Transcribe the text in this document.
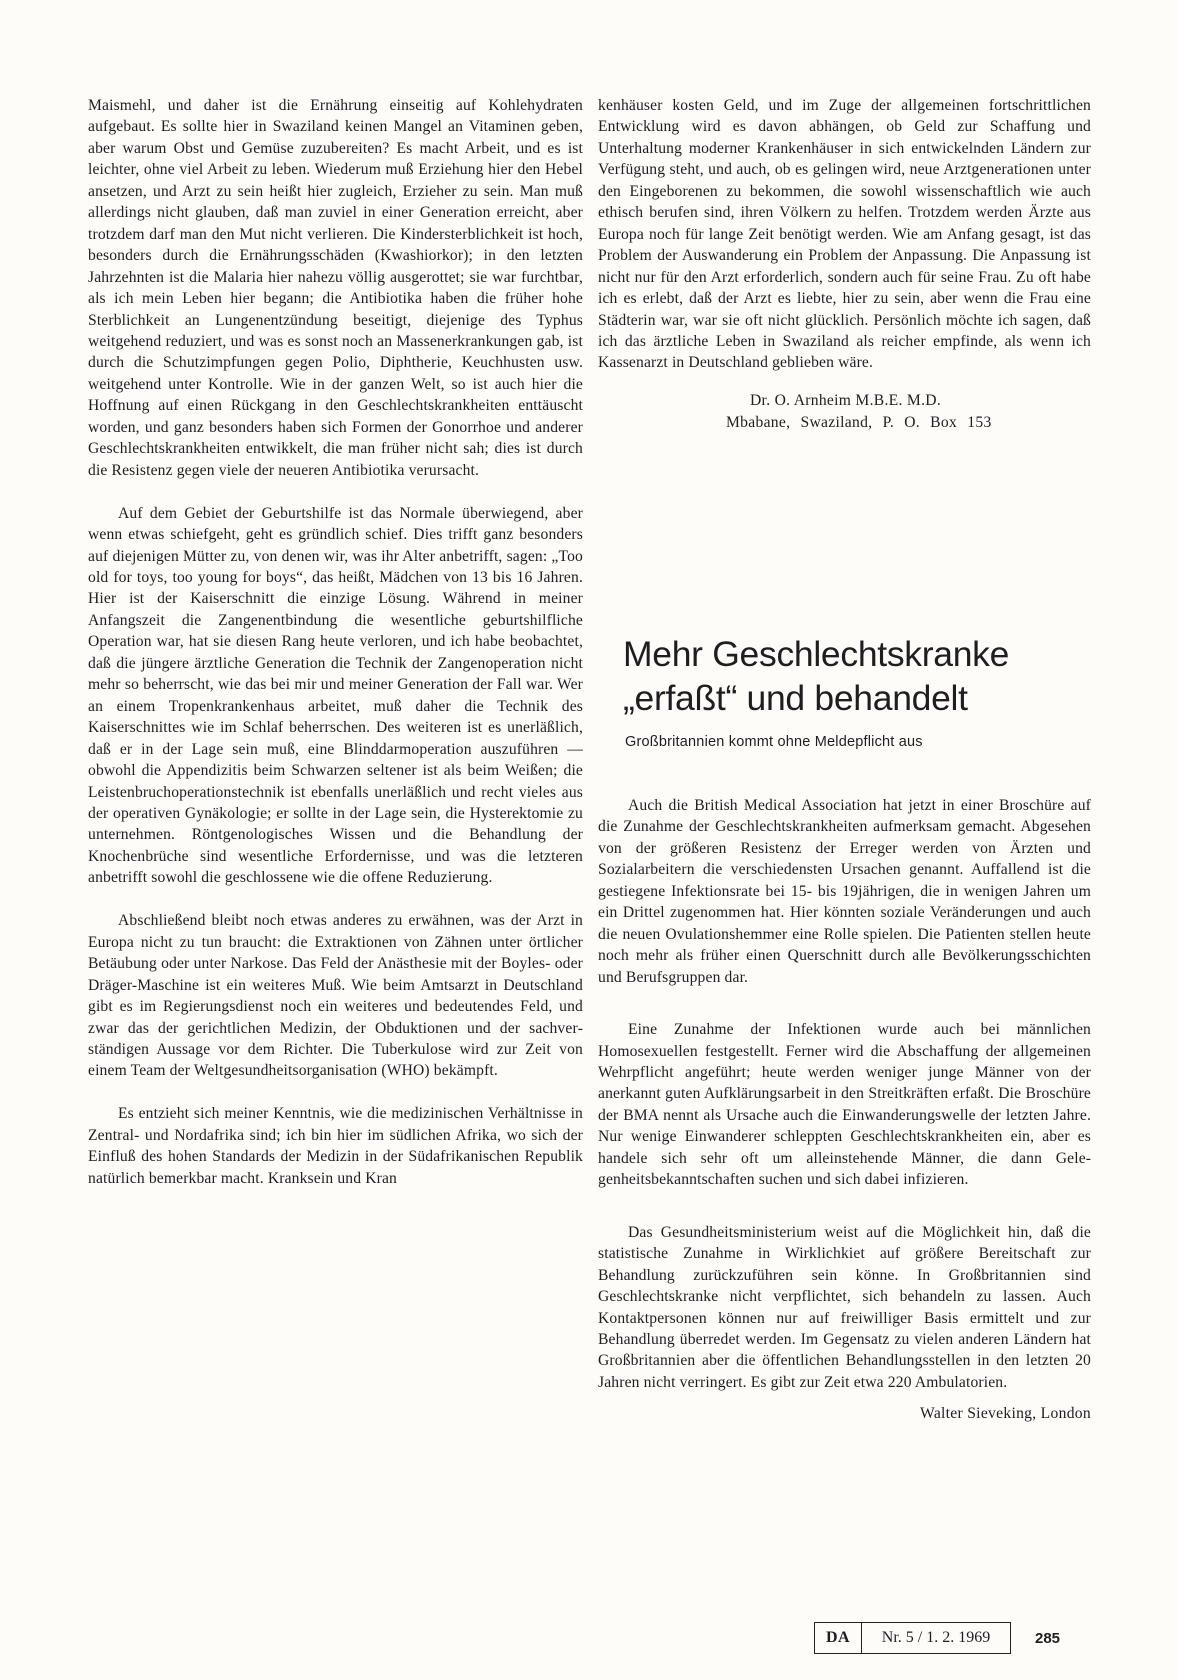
Maismehl, und daher ist die Ernährung einseitig auf Kohlehydraten aufgebaut. Es sollte hier in Swaziland keinen Mangel an Vitaminen geben, aber warum Obst und Gemüse zuzubereiten? Es macht Arbeit, und es ist leichter, ohne viel Arbeit zu leben. Wiederum muß Erziehung hier den Hebel ansetzen, und Arzt zu sein heißt hier zugleich, Erzieher zu sein. Man muß allerdings nicht glauben, daß man zuviel in einer Generation erreicht, aber trotzdem darf man den Mut nicht verlieren. Die Kindersterblichkeit ist hoch, besonders durch die Ernährungsschäden (Kwashiorkor); in den letzten Jahrzehnten ist die Malaria hier nahezu völlig ausgerottet; sie war furchtbar, als ich mein Leben hier begann; die Antibiotika haben die früher hohe Sterblichkeit an Lungenentzündung beseitigt, diejenige des Typhus weitgehend reduziert, und was es sonst noch an Massenerkrankungen gab, ist durch die Schutzimpfungen gegen Polio, Diphtherie, Keuchhusten usw. weitgehend unter Kontrolle. Wie in der ganzen Welt, so ist auch hier die Hoffnung auf einen Rückgang in den Geschlechtskrankheiten enttäuscht worden, und ganz besonders haben sich Formen der Gonorrhoe und anderer Geschlechtskrankheiten entwikkelt, die man früher nicht sah; dies ist durch die Resistenz gegen viele der neueren Antibiotika verursacht.

Auf dem Gebiet der Geburtshilfe ist das Normale überwiegend, aber wenn etwas schiefgeht, geht es gründlich schief. Dies trifft ganz besonders auf diejenigen Mütter zu, von denen wir, was ihr Alter anbetrifft, sagen: „Too old for toys, too young for boys“, das heißt, Mädchen von 13 bis 16 Jahren. Hier ist der Kaiserschnitt die einzige Lösung. Während in meiner Anfangszeit die Zangenentbindung die wesentliche geburtshilfliche Operation war, hat sie diesen Rang heute verloren, und ich habe beobachtet, daß die jüngere ärztliche Generation die Technik der Zangenoperation nicht mehr so beherrscht, wie das bei mir und meiner Generation der Fall war. Wer an einem Tropenkrankenhaus arbeitet, muß daher die Technik des Kaiserschnittes wie im Schlaf beherrschen. Des weiteren ist es unerläßlich, daß er in der Lage sein muß, eine Blinddarmoperation auszuführen — obwohl die Appendizitis beim Schwarzen seltener ist als beim Weißen; die Leistenbruchoperationstechnik ist ebenfalls unerläßlich und recht vieles aus der operativen Gynäkologie; er sollte in der Lage sein, die Hysterektomie zu unternehmen. Röntgenologisches Wissen und die Behandlung der Knochenbrüche sind wesentliche Erfordernisse, und was die letzteren anbetrifft sowohl die geschlossene wie die offene Reduzierung.

Abschließend bleibt noch etwas anderes zu erwähnen, was der Arzt in Europa nicht zu tun braucht: die Extraktionen von Zähnen unter örtlicher Betäubung oder unter Narkose. Das Feld der Anästhesie mit der Boyles- oder Dräger-Maschine ist ein weiteres Muß. Wie beim Amtsarzt in Deutschland gibt es im Regierungsdienst noch ein weiteres und bedeutendes Feld, und zwar das der gerichtlichen Medizin, der Obduktionen und der sachverständigen Aussage vor dem Richter. Die Tuberkulose wird zur Zeit von einem Team der Weltgesundheitsorganisation (WHO) bekämpft.

Es entzieht sich meiner Kenntnis, wie die medizinischen Verhältnisse in Zentral- und Nordafrika sind; ich bin hier im südlichen Afrika, wo sich der Einfluß des hohen Standards der Medizin in der Südafrikanischen Republik natürlich bemerkbar macht. Kranksein und Kran

kenhäuser kosten Geld, und im Zuge der allgemeinen fortschrittlichen Entwicklung wird es davon abhängen, ob Geld zur Schaffung und Unterhaltung moderner Krankenhäuser in sich entwickelnden Ländern zur Verfügung steht, und auch, ob es gelingen wird, neue Arztgenerationen unter den Eingeborenen zu bekommen, die sowohl wissenschaftlich wie auch ethisch berufen sind, ihren Völkern zu helfen. Trotzdem werden Ärzte aus Europa noch für lange Zeit benötigt werden. Wie am Anfang gesagt, ist das Problem der Auswanderung ein Problem der Anpassung. Die Anpassung ist nicht nur für den Arzt erforderlich, sondern auch für seine Frau. Zu oft habe ich es erlebt, daß der Arzt es liebte, hier zu sein, aber wenn die Frau eine Städterin war, war sie oft nicht glücklich. Persönlich möchte ich sagen, daß ich das ärztliche Leben in Swaziland als reicher empfinde, als wenn ich Kassenarzt in Deutschland geblieben wäre.

Dr. O. Arnheim M.B.E. M.D.
Mbabane, Swaziland, P. O. Box 153
Mehr Geschlechtskranke
„erfaßt“ und behandelt
Großbritannien kommt ohne Meldepflicht aus

Auch die British Medical Association hat jetzt in einer Broschüre auf die Zunahme der Geschlechtskrankheiten aufmerksam gemacht. Abgesehen von der größeren Resistenz der Erreger werden von Ärzten und Sozialarbeitern die verschiedensten Ursachen genannt. Auffallend ist die gestiegene Infektionsrate bei 15- bis 19jährigen, die in wenigen Jahren um ein Drittel zugenommen hat. Hier könnten soziale Veränderungen und auch die neuen Ovulationshemmer eine Rolle spielen. Die Patienten stellen heute noch mehr als früher einen Querschnitt durch alle Bevölkerungsschichten und Berufsgruppen dar.

Eine Zunahme der Infektionen wurde auch bei männlichen Homosexuellen festgestellt. Ferner wird die Abschaffung der allgemeinen Wehrpflicht angeführt; heute werden weniger junge Männer von der anerkannt guten Aufklärungsarbeit in den Streitkräften erfaßt. Die Broschüre der BMA nennt als Ursache auch die Einwanderungswelle der letzten Jahre. Nur wenige Einwanderer schleppten Geschlechtskrankheiten ein, aber es handele sich sehr oft um alleinstehende Männer, die dann Gelegenheitsbekanntschaften suchen und sich dabei infizieren.

Das Gesundheitsministerium weist auf die Möglichkeit hin, daß die statistische Zunahme in Wirklichkiet auf größere Bereitschaft zur Behandlung zurückzuführen sein könne. In Großbritannien sind Geschlechtskranke nicht verpflichtet, sich behandeln zu lassen. Auch Kontaktpersonen können nur auf freiwilliger Basis ermittelt und zur Behandlung überredet werden. Im Gegensatz zu vielen anderen Ländern hat Großbritannien aber die öffentlichen Behandlungsstellen in den letzten 20 Jahren nicht verringert. Es gibt zur Zeit etwa 220 Ambulatorien.

Walter Sieveking, London
DA	Nr. 5 / 1. 2. 1969	285
